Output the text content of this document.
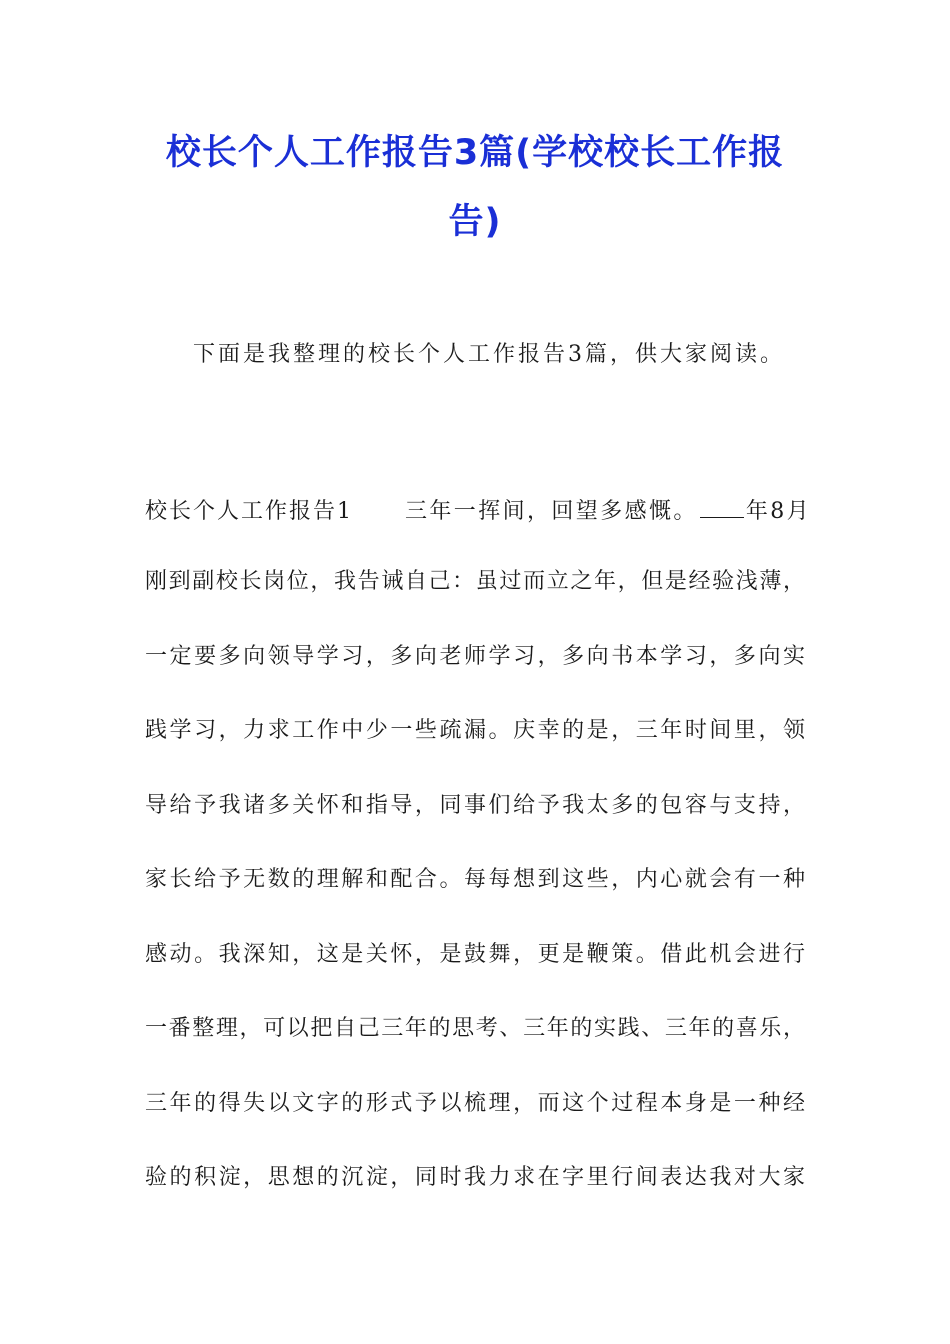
校长个人工作报告3篇(学校校长工作报
告)
下面是我整理的校长个人工作报告3篇，供大家阅读。
校长个人工作报告1 三年一挥间，回望多感慨。 年8月
刚到副校长岗位，我告诫自己：虽过而立之年，但是经验浅薄，
一定要多向领导学习，多向老师学习，多向书本学习，多向实
践学习，力求工作中少一些疏漏。庆幸的是，三年时间里，领
导给予我诸多关怀和指导，同事们给予我太多的包容与支持，
家长给予无数的理解和配合。每每想到这些，内心就会有一种
感动。我深知，这是关怀，是鼓舞，更是鞭策。借此机会进行
一番整理，可以把自己三年的思考、三年的实践、三年的喜乐，
三年的得失以文字的形式予以梳理，而这个过程本身是一种经
验的积淀，思想的沉淀，同时我力求在字里行间表达我对大家
